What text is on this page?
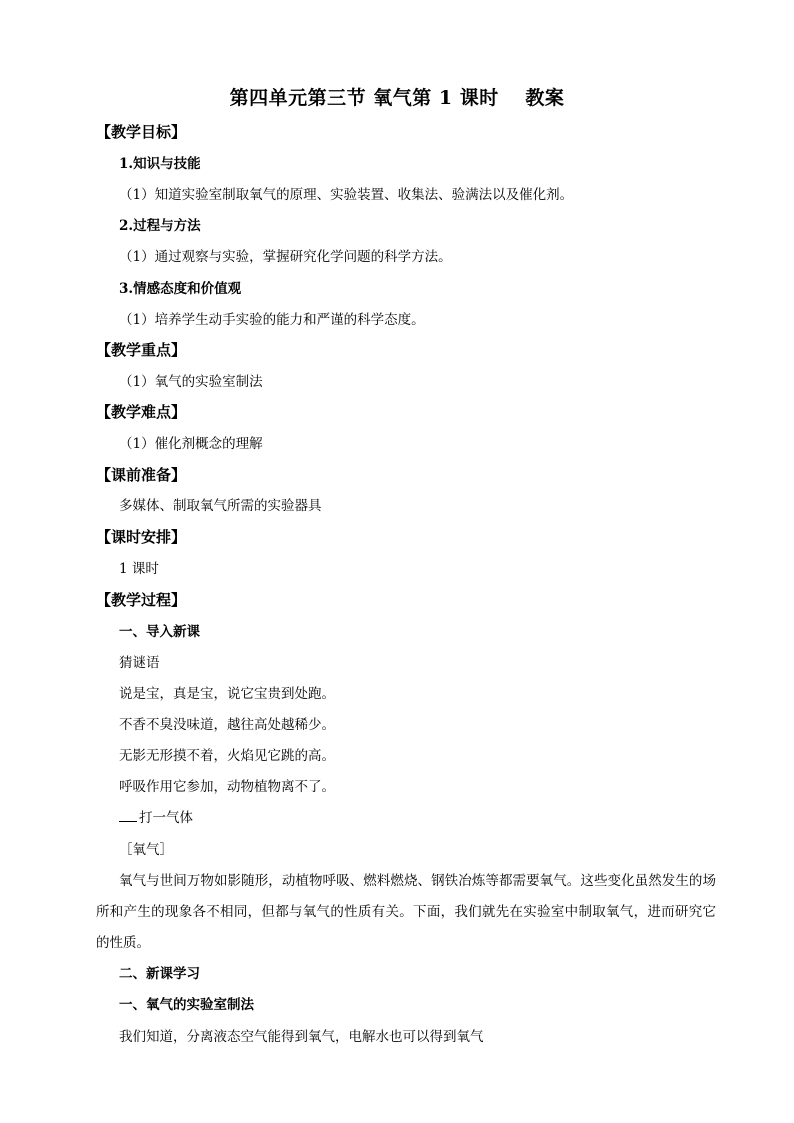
第四单元第三节 氧气第 1 课时　 教案
【教学目标】
1.知识与技能
（1）知道实验室制取氧气的原理、实验装置、收集法、验满法以及催化剂。
2.过程与方法
（1）通过观察与实验，掌握研究化学问题的科学方法。
3.情感态度和价值观
（1）培养学生动手实验的能力和严谨的科学态度。
【教学重点】
（1）氧气的实验室制法
【教学难点】
（1）催化剂概念的理解
【课前准备】
多媒体、制取氧气所需的实验器具
【课时安排】
1 课时
【教学过程】
一、导入新课
猜谜语
说是宝，真是宝，说它宝贵到处跑。
不香不臭没味道，越往高处越稀少。
无影无形摸不着，火焰见它跳的高。
呼吸作用它参加，动物植物离不了。
打一气体
［氧气］
氧气与世间万物如影随形，动植物呼吸、燃料燃烧、钢铁冶炼等都需要氧气。这些变化虽然发生的场所和产生的现象各不相同，但都与氧气的性质有关。下面，我们就先在实验室中制取氧气，进而研究它的性质。
二、新课学习
一、氧气的实验室制法
我们知道，分离液态空气能得到氧气，电解水也可以得到氧气
